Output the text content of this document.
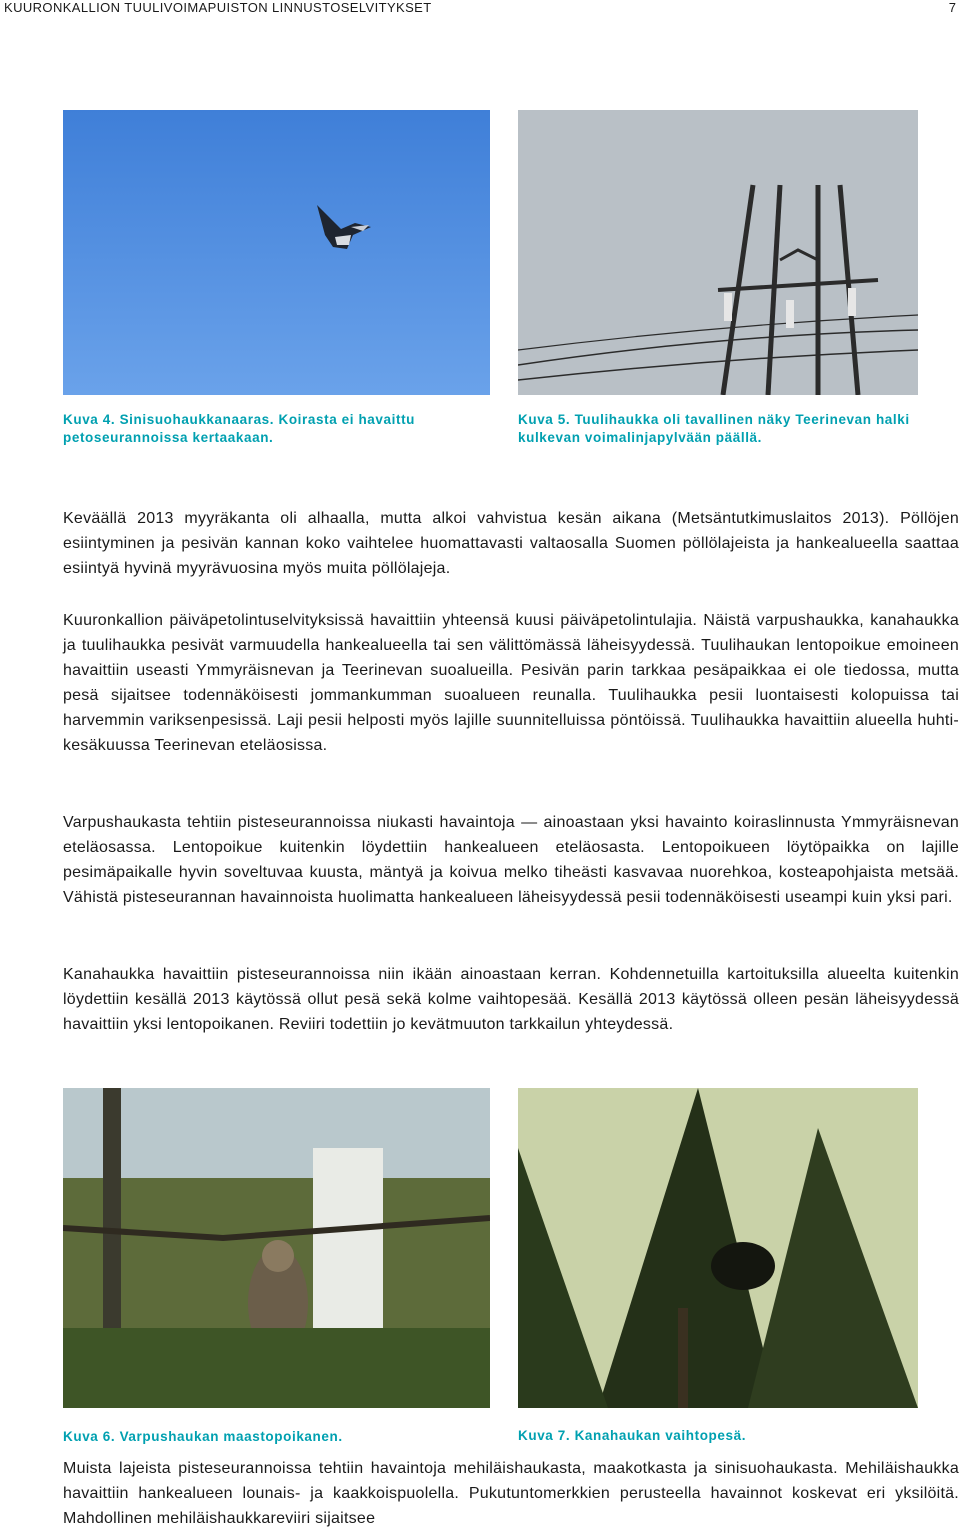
KUURONKALLION TUULIVOIMAPUISTON LINNUSTOSELVITYKSET	7
Kuva 4. Sinisuohaukkanaaras. Koirasta ei havaittu petoseurannoissa kertaakaan.
Kuva 5. Tuulihaukka oli tavallinen näky Teerinevan halki kulkevan voimalinjapylvään päällä.

Keväällä 2013 myyräkanta oli alhaalla, mutta alkoi vahvistua kesän aikana (Metsäntutkimuslaitos 2013). Pöllöjen esiintyminen ja pesivän kannan koko vaihtelee huomattavasti valtaosalla Suomen pöllölajeista ja hankealueella saattaa esiintyä hyvinä myyrävuosina myös muita pöllölajeja.

Kuuronkallion päiväpetolintuselvityksissä havaittiin yhteensä kuusi päiväpetolintulajia. Näistä varpushaukka, kanahaukka ja tuulihaukka pesivät varmuudella hankealueella tai sen välittömässä läheisyydessä. Tuulihaukan lentopoikue emoineen havaittiin useasti Ymmyräisnevan ja Teerinevan suoalueilla. Pesivän parin tarkkaa pesäpaikkaa ei ole tiedossa, mutta pesä sijaitsee todennäköisesti jommankumman suoalueen reunalla. Tuulihaukka pesii luontaisesti kolopuissa tai harvemmin variksenpesissä. Laji pesii helposti myös lajille suunnitelluissa pöntöissä. Tuulihaukka havaittiin alueella huhti-kesäkuussa Teerinevan eteläosissa.

Varpushaukasta tehtiin pisteseurannoissa niukasti havaintoja — ainoastaan yksi havainto koiraslinnusta Ymmyräisnevan eteläosassa. Lentopoikue kuitenkin löydettiin hankealueen eteläosasta. Lentopoikueen löytöpaikka on lajille pesimäpaikalle hyvin soveltuvaa kuusta, mäntyä ja koivua melko tiheästi kasvavaa nuorehkoa, kosteapohjaista metsää. Vähistä pisteseurannan havainnoista huolimatta hankealueen läheisyydessä pesii todennäköisesti useampi kuin yksi pari.

Kanahaukka havaittiin pisteseurannoissa niin ikään ainoastaan kerran. Kohdennetuilla kartoituksilla alueelta kuitenkin löydettiin kesällä 2013 käytössä ollut pesä sekä kolme vaihtopesää. Kesällä 2013 käytössä olleen pesän läheisyydessä havaittiin yksi lentopoikanen. Reviiri todettiin jo kevätmuuton tarkkailun yhteydessä.

Kuva 6. Varpushaukan maastopoikanen.	Kuva 7. Kanahaukan vaihtopesä.

Muista lajeista pisteseurannoissa tehtiin havaintoja mehiläishaukasta, maakotkasta ja sinisuohaukasta. Mehiläishaukka havaittiin hankealueen lounais- ja kaakkoispuolella. Pukutuntomerkkien perusteella havainnot koskevat eri yksilöitä. Mahdollinen mehiläishaukkareviiri sijaitsee
